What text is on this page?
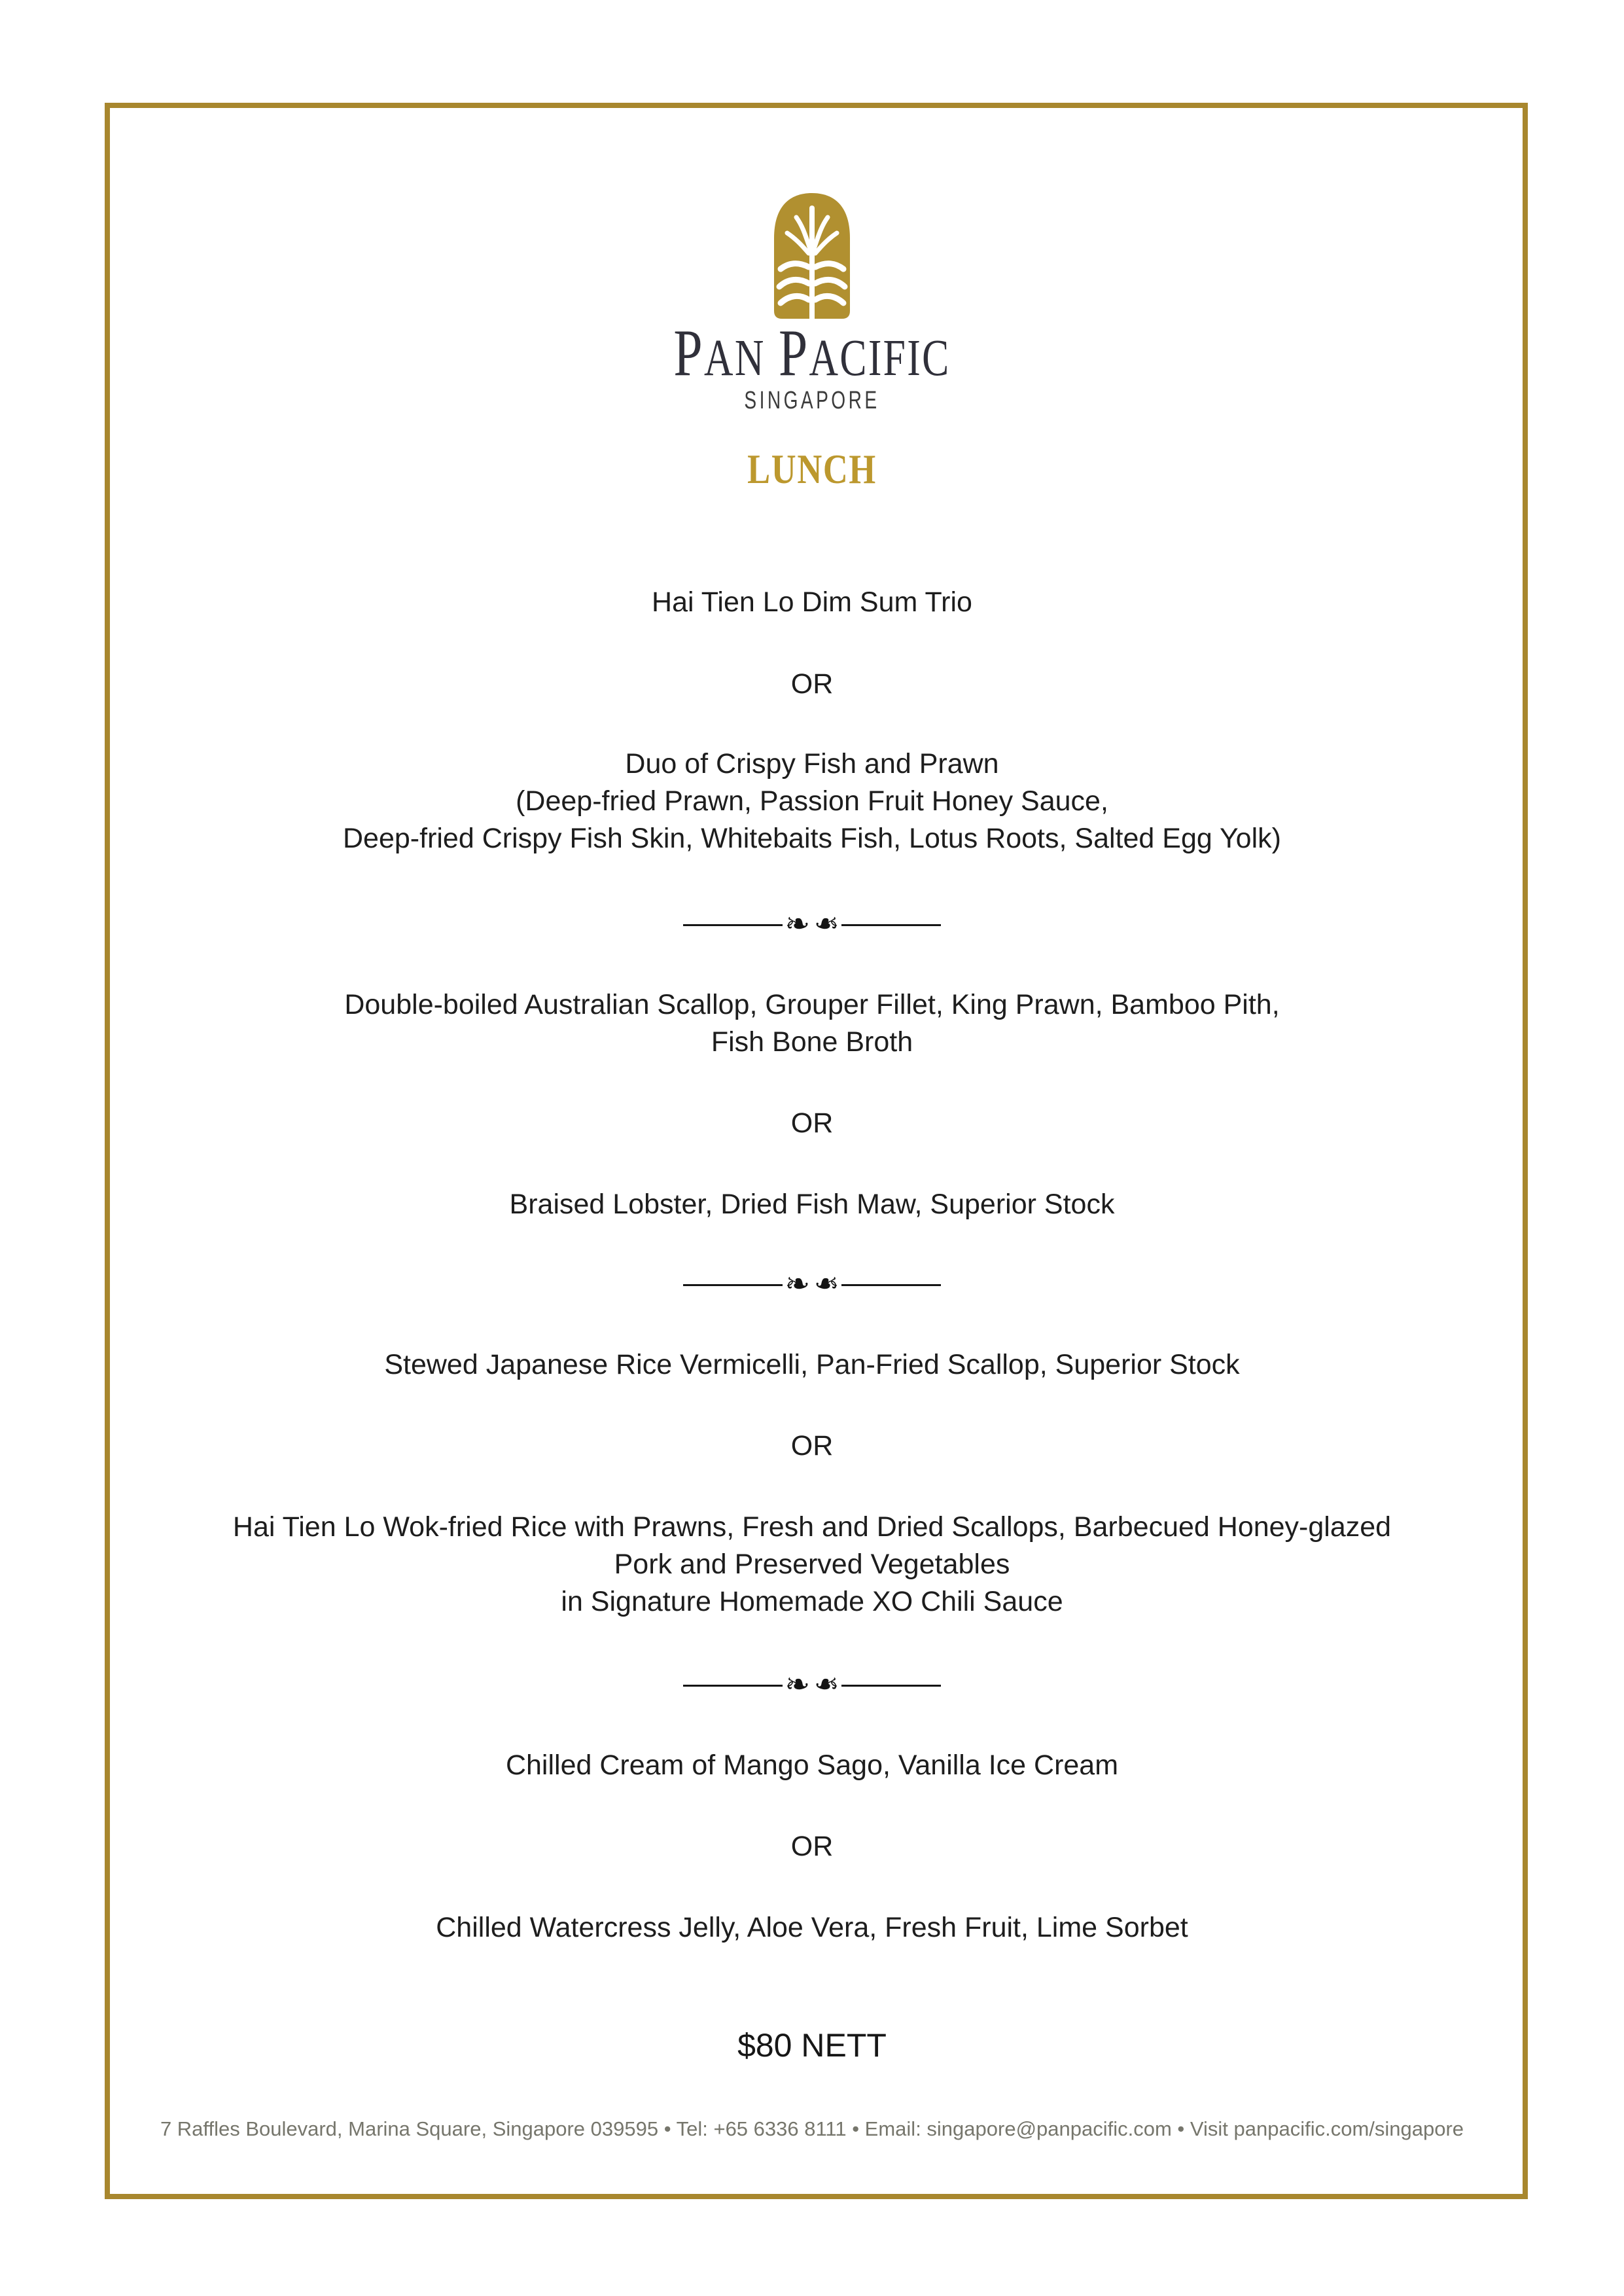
PAN PACIFIC
SINGAPORE
LUNCH
Hai Tien Lo Dim Sum Trio
OR
Duo of Crispy Fish and Prawn
(Deep-fried Prawn, Passion Fruit Honey Sauce,
Deep-fried Crispy Fish Skin, Whitebaits Fish, Lotus Roots, Salted Egg Yolk)
❧ ❧
Double-boiled Australian Scallop, Grouper Fillet, King Prawn, Bamboo Pith,
Fish Bone Broth
OR
Braised Lobster, Dried Fish Maw, Superior Stock
❧ ❧
Stewed Japanese Rice Vermicelli, Pan-Fried Scallop, Superior Stock
OR
Hai Tien Lo Wok-fried Rice with Prawns, Fresh and Dried Scallops, Barbecued Honey-glazed
Pork and Preserved Vegetables
in Signature Homemade XO Chili Sauce
❧ ❧
Chilled Cream of Mango Sago, Vanilla Ice Cream
OR
Chilled Watercress Jelly, Aloe Vera, Fresh Fruit, Lime Sorbet
$80 NETT
7 Raffles Boulevard, Marina Square, Singapore 039595 • Tel: +65 6336 8111 • Email: singapore@panpacific.com • Visit panpacific.com/singapore
